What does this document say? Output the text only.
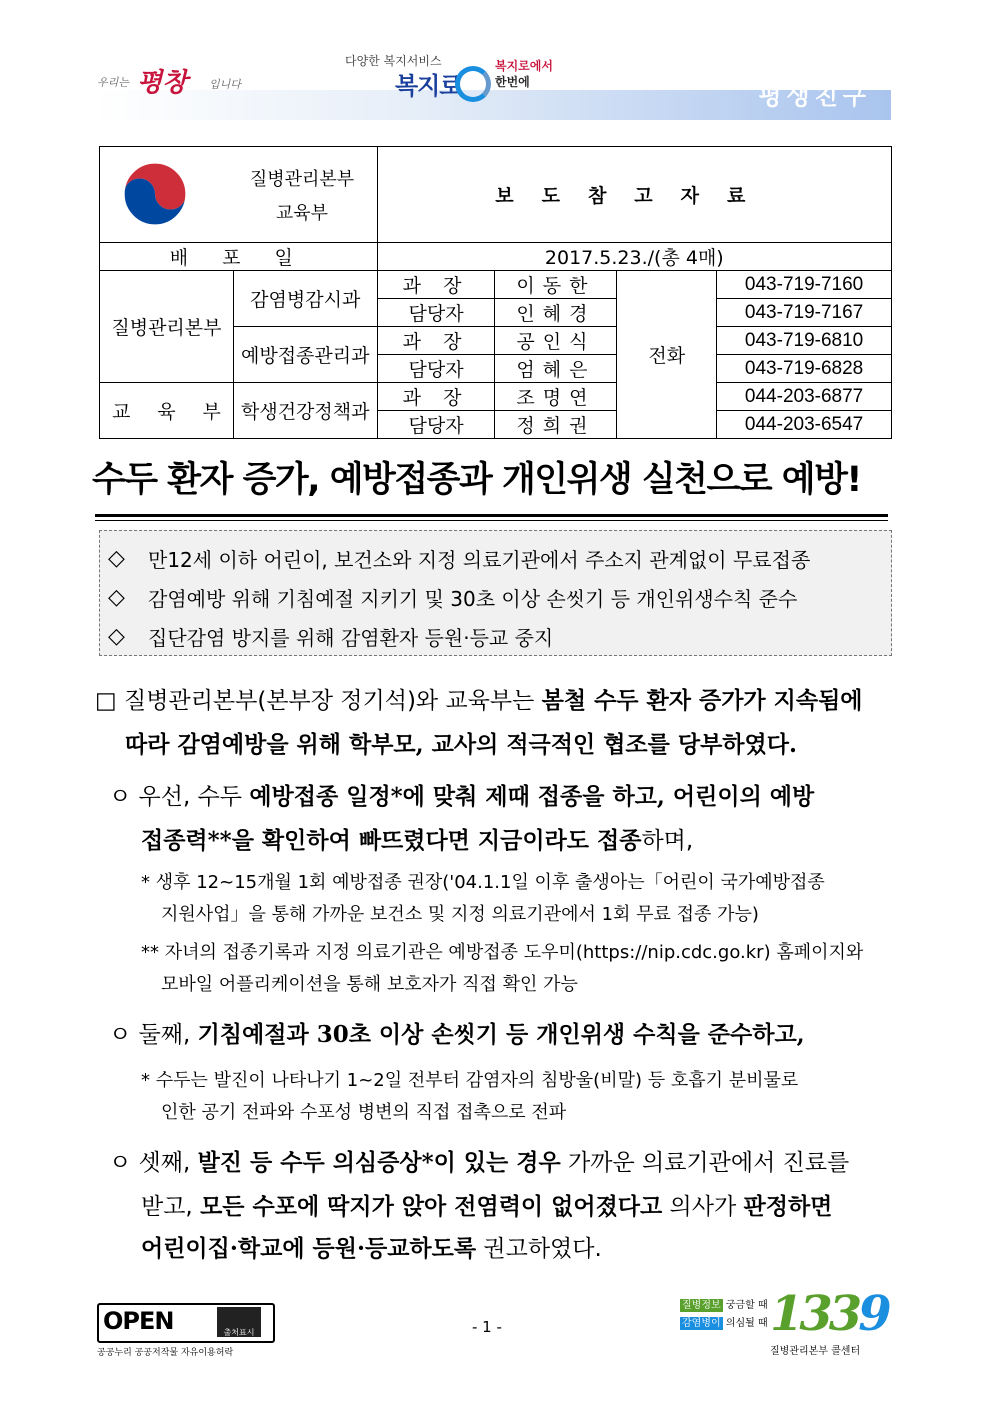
우리는 평창 입니다
다양한 복지서비스
복지로
복지로에서
한번에	평생친구
질병관리본부
교육부		보도참고자료			
배 포 일		2017.5.23./(총 4매)			
질병관리본부	감염병감시과	과 장	이동한	전화	043-719-7160
		담당자	인혜경		043-719-7167
	예방접종관리과	과 장	공인식		043-719-6810
		담당자	엄혜은		043-719-6828
교 육 부	학생건강정책과	과 장	조명연		044-203-6877
		담당자	정희권		044-203-6547
수두 환자 증가, 예방접종과 개인위생 실천으로 예방!
◇	만12세 이하 어린이, 보건소와 지정 의료기관에서 주소지 관계없이 무료접종
◇	감염예방 위해 기침예절 지키기 및 30초 이상 손씻기 등 개인위생수칙 준수
◇	집단감염 방지를 위해 감염환자 등원·등교 중지
□ 질병관리본부(본부장 정기석)와 교육부는 봄철 수두 환자 증가가 지속됨에
따라 감염예방을 위해 학부모, 교사의 적극적인 협조를 당부하였다.
ㅇ 우선, 수두 예방접종 일정*에 맞춰 제때 접종을 하고, 어린이의 예방
접종력**을 확인하여 빠뜨렸다면 지금이라도 접종하며,
* 생후 12~15개월 1회 예방접종 권장('04.1.1일 이후 출생아는「어린이 국가예방접종
지원사업」을 통해 가까운 보건소 및 지정 의료기관에서 1회 무료 접종 가능)
** 자녀의 접종기록과 지정 의료기관은 예방접종 도우미(https://nip.cdc.go.kr) 홈페이지와
모바일 어플리케이션을 통해 보호자가 직접 확인 가능
ㅇ 둘째, 기침예절과 30초 이상 손씻기 등 개인위생 수칙을 준수하고,
* 수두는 발진이 나타나기 1~2일 전부터 감염자의 침방울(비말) 등 호흡기 분비물로
인한 공기 전파와 수포성 병변의 직접 접촉으로 전파
ㅇ 셋째, 발진 등 수두 의심증상*이 있는 경우 가까운 의료기관에서 진료를
받고, 모든 수포에 딱지가 앉아 전염력이 없어졌다고 의사가 판정하면
어린이집·학교에 등원·등교하도록 권고하였다.
OPEN	출처표시
공공누리 공공저작물 자유이용허락
- 1 -
질병정보 궁금할 때
감염병이 의심될 때 1339
질병관리본부 콜센터
